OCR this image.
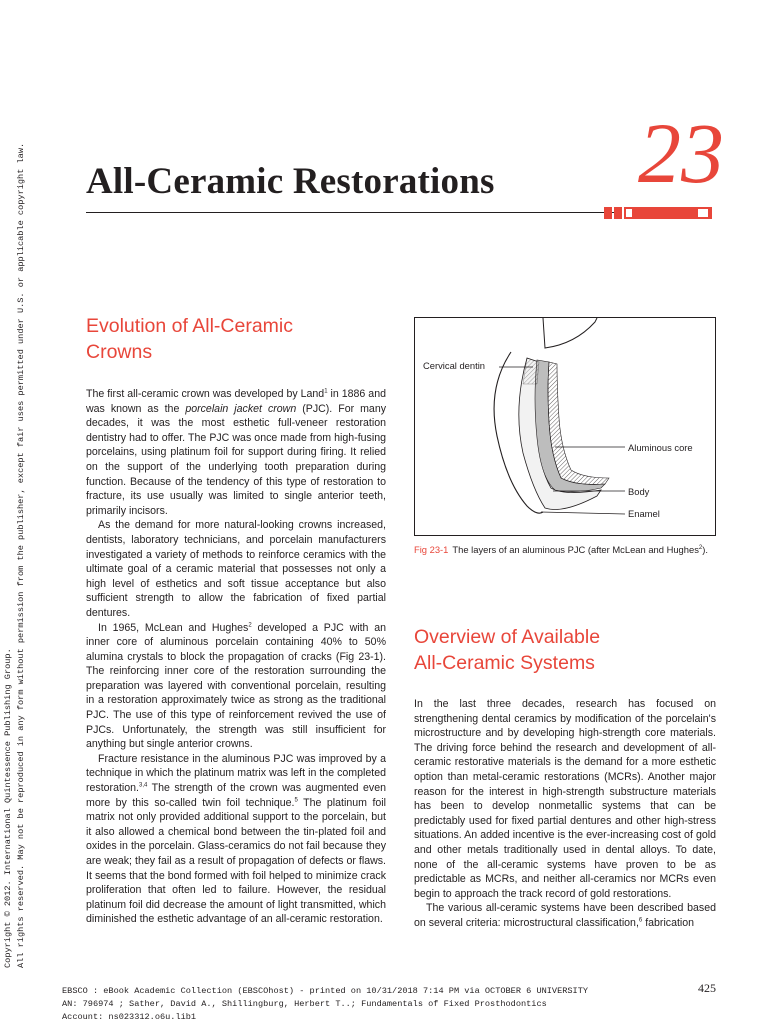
Copyright © 2012. International Quintessence Publishing Group. All rights reserved. May not be reproduced in any form without permission from the publisher, except fair uses permitted under U.S. or applicable copyright law. All-Ceramic Restorations 23
Evolution of All-Ceramic
Crowns

The first all-ceramic crown was developed by Land$^1$ in 1886 and was known as the porcelain jacket crown (PJC). For many decades, it was the most esthetic full-veneer restoration dentistry had to offer. The PJC was once made from high-fusing porcelains, using platinum foil for support during firing. It relied on the support of the underlying tooth preparation during function. Because of the tendency of this type of restoration to fracture, its use usually was limited to single anterior teeth, primarily incisors.

As the demand for more natural-looking crowns increased, dentists, laboratory technicians, and porcelain manufacturers investigated a variety of methods to reinforce ceramics with the ultimate goal of a ceramic material that possesses not only a high level of esthetics and soft tissue acceptance but also sufficient strength to allow the fabrication of fixed partial dentures.

In 1965, McLean and Hughes$^2$ developed a PJC with an inner core of aluminous porcelain containing 40% to 50% alumina crystals to block the propagation of cracks (Fig 23-1). The reinforcing inner core of the restoration surrounding the preparation was layered with conventional porcelain, resulting in a restoration approximately twice as strong as the traditional PJC. The use of this type of reinforcement revived the use of PJCs. Unfortunately, the strength was still insufficient for anything but single anterior crowns.

Fracture resistance in the aluminous PJC was improved by a technique in which the platinum matrix was left in the completed restoration.$^{3,4}$ The strength of the crown was augmented even more by this so-called twin foil technique.$^5$ The platinum foil matrix not only provided additional support to the porcelain, but it also allowed a chemical bond between the tin-plated foil and oxides in the porcelain. Glass-ceramics do not fail because they are weak; they fail as a result of propagation of defects or flaws. It seems that the bond formed with foil helped to minimize crack proliferation that often led to failure. However, the residual platinum foil did decrease the amount of light transmitted, which diminished the esthetic advantage of an all-ceramic restoration.

Cervical dentin
Aluminous core
Body
Enamel
Fig 23-1 The layers of an aluminous PJC (after McLean and Hughes$^2$).
Overview of Available
All-Ceramic Systems

In the last three decades, research has focused on strengthening dental ceramics by modification of the porcelain's microstructure and by developing high-strength core materials. The driving force behind the research and development of all-ceramic restorative materials is the demand for a more esthetic option than metal-ceramic restorations (MCRs). Another major reason for the interest in high-strength substructure materials has been to develop nonmetallic systems that can be predictably used for fixed partial dentures and other high-stress situations. An added incentive is the ever-increasing cost of gold and other metals traditionally used in dental alloys. To date, none of the all-ceramic systems have proven to be as predictable as MCRs, and neither all-ceramics nor MCRs even begin to approach the track record of gold restorations.

The various all-ceramic systems have been described based on several criteria: microstructural classification,$^6$ fabrication

EBSCO : eBook Academic Collection (EBSCOhost) - printed on 10/31/2018 7:14 PM via OCTOBER 6 UNIVERSITY
AN: 796974 ; Sather, David A., Shillingburg, Herbert T..; Fundamentals of Fixed Prosthodontics
Account: ns023312.o6u.lib1
425
